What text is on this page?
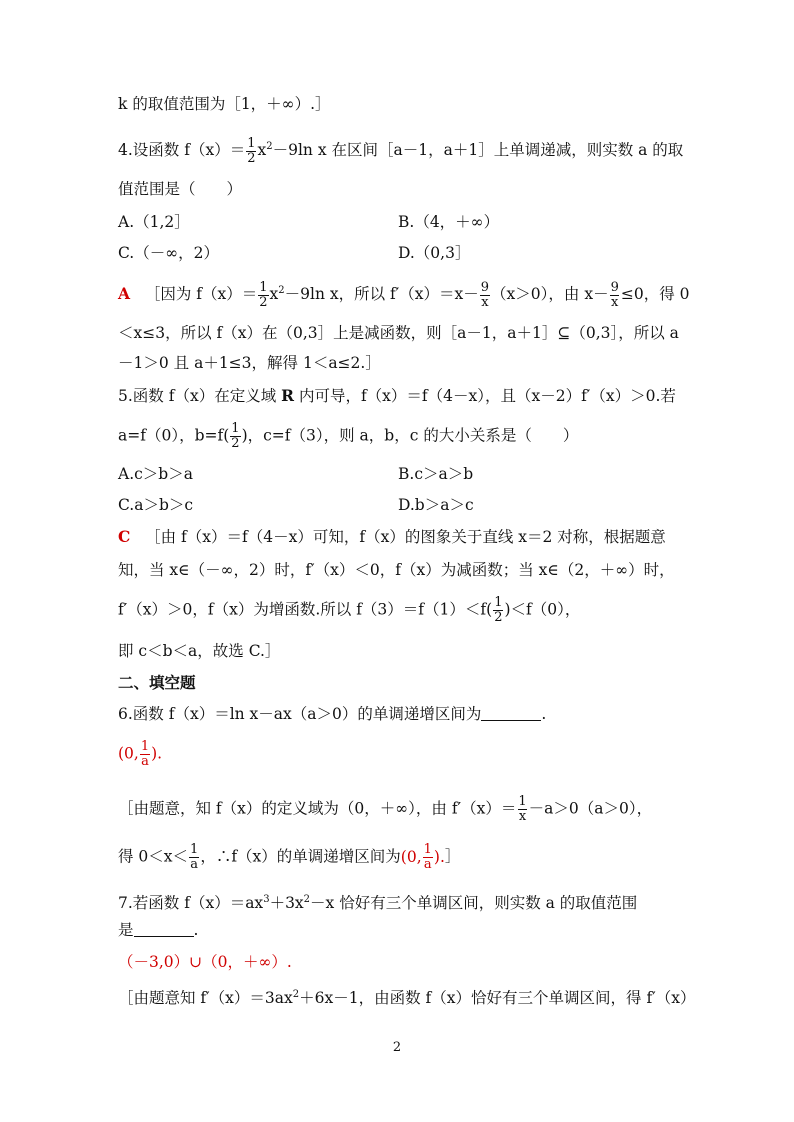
k 的取值范围为［1，＋∞）.］
4.设函数 $f(x)= \frac{1}{2} x^2-9\ln$ x 在区间［a－1，a＋1］上单调递减，则实数 a 的取
值范围是（　　）
A.（1,2］	B.（4，＋∞）
C.（－∞，2）	D.（0,3］
A ［因为 $f(x)= \frac{1}{2} x^2-9\ln$ x，所以 $f'(x)=x- \frac{9}{x} (x>0)$，由 $x- \frac{9}{x} \le 0$，得 0
＜x≤3，所以 f（x）在（0,3］上是减函数，则［a－1，a＋1］⊆（0,3］，所以 a
－1＞0 且 a＋1≤3，解得 1＜a≤2.］
5.函数 f（x）在定义域 R 内可导，f（x）＝f（4－x），且（x－2）f′（x）＞0.若
a=f（0），$b=f( \frac{1}{2}$ )，c=f（3），则 a，b，c 的大小关系是（　　）
A.c＞b＞a	B.c＞a＞b
C.a＞b＞c	D.b＞a＞c
C ［由 f（x）＝f（4－x）可知，f（x）的图象关于直线 x＝2 对称，根据题意
知，当 x∈（－∞，2）时，f′（x）＜0，f（x）为减函数；当 x∈（2，＋∞）时，
f′（x）＞0，f（x）为增函数.所以 $f(3)=f(1)<f( \frac{1}{2} )<f(0)$，
即 c＜b＜a，故选 C.］
二、填空题
6.函数 f（x）＝ln x－ax（a＞0）的单调递增区间为	.
(0, $\frac{1}{a}$ ).
［由题意，知 f（x）的定义域为（0，＋∞），由 $f'(x)= \frac{1}{x} -a>0(a>0)$，
得 $0<x< \frac{1}{a}$ ，∴f（x）的单调递增区间为(0, $\frac{1}{a}$ ).］
7.若函数 $f(x)=ax^3+3x^2-x$ 恰好有三个单调区间，则实数 a 的取值范围
是	.
（－3,0）∪（0，＋∞）.
［由题意知 $f'(x)=3ax^2+6x-1$，由函数 f（x）恰好有三个单调区间，得 f′（x）
2
